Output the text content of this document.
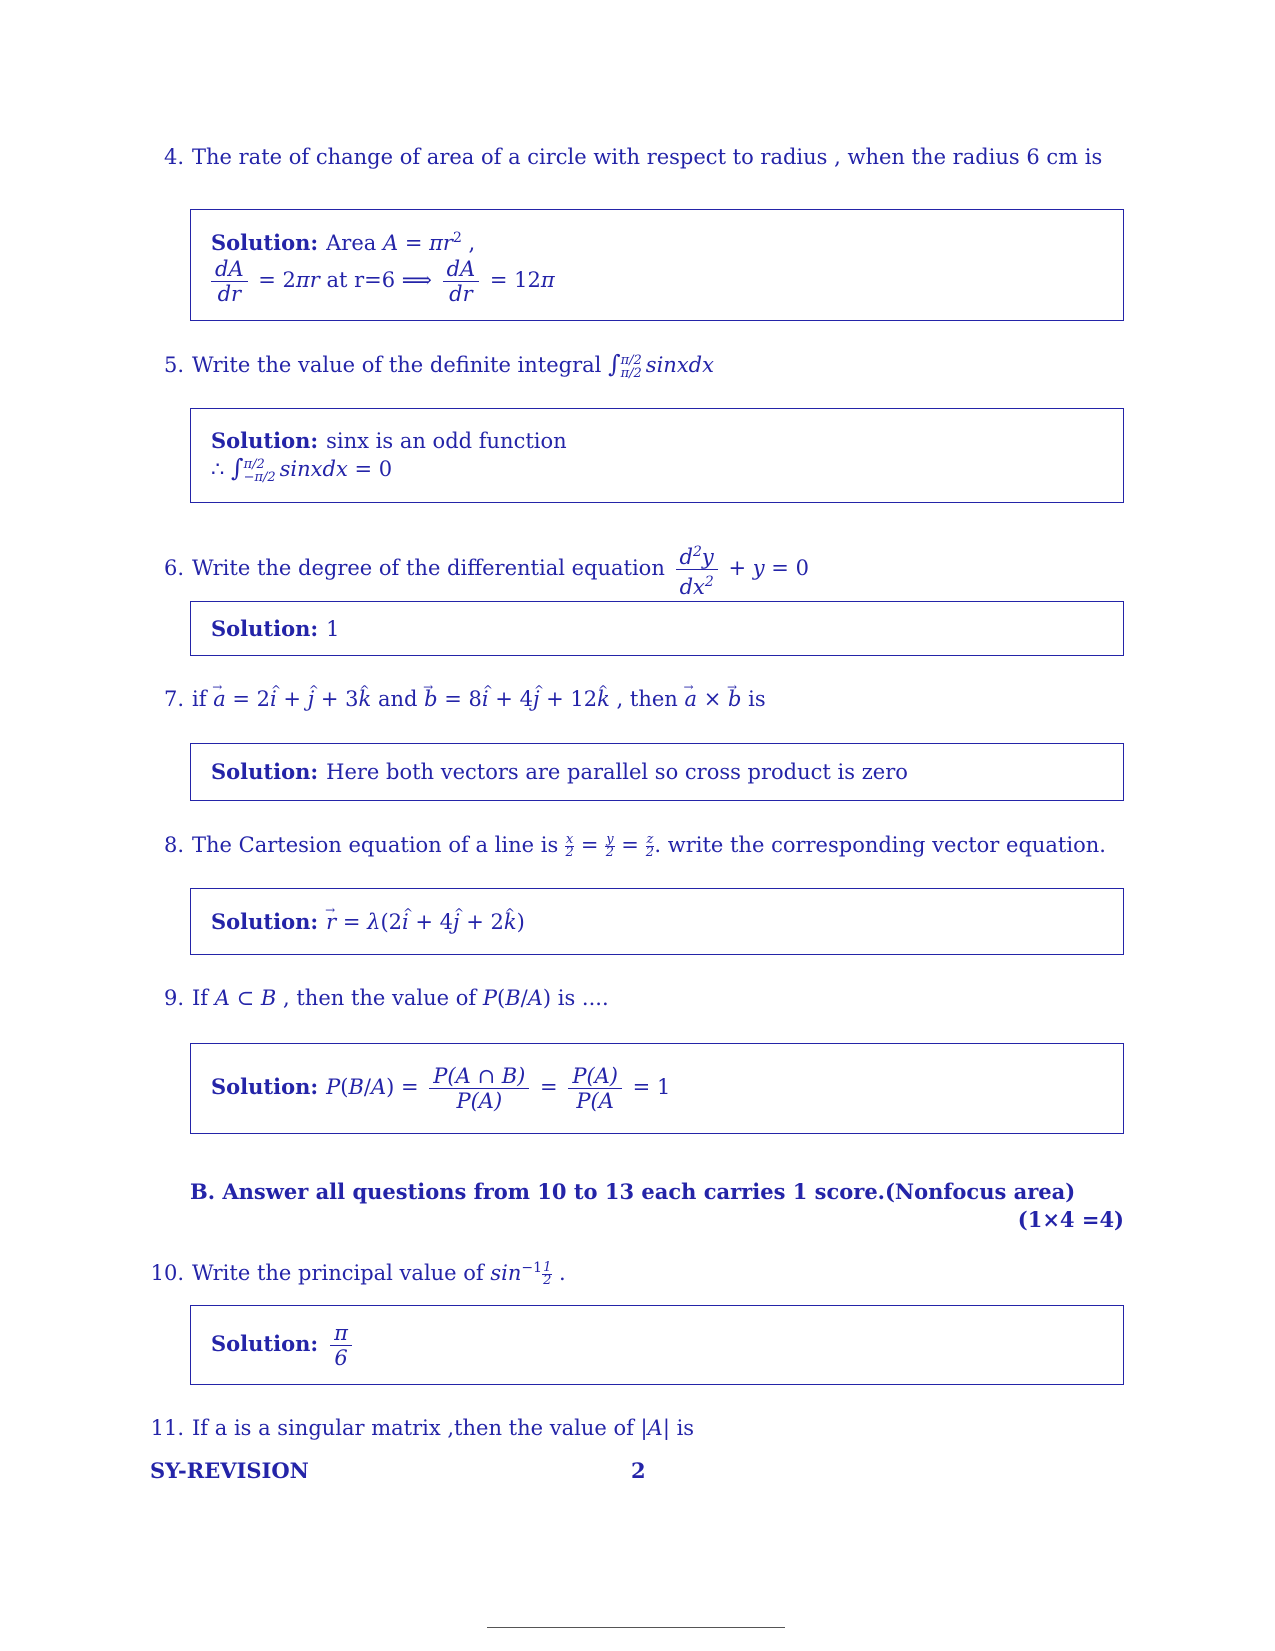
4. The rate of change of area of a circle with respect to radius , when the radius 6 cm is
Solution: Area $A = \pi r^2$ ,
$\frac{dA}{dr} = 2\pi r$ at r=6 ⟹ $\frac{dA}{dr} = 12\pi$
5. Write the value of the definite integral ∫ π/2
π/2 sinxdx
Solution: sinx is an odd function
∴ ∫ π/2
−π/2 sinxdx = 0
6. Write the degree of the differential equation $\frac{d^2y}{dx^2} + y = 0$
Solution: 1
7. if a → = 2i ^ + j ^ + 3k ^ and b → = 8i ^ + 4j ^ + 12k ^ , then a → × b → is
Solution: Here both vectors are parallel so cross product is zero
8. The Cartesion equation of a line is $\frac{x}{2} = \frac{y}{2} = \frac{z}{2}$ . write the corresponding vector equation.
Solution: r → = λ(2i ^ + 4j ^ + 2k ^)
9. If A ⊂ B , then the value of P(B/A) is ....
Solution: $P(B/A) = \frac{P(A \cap B)}{P(A)} = \frac{P(A)}{P(A} = 1$
B. Answer all questions from 10 to 13 each carries 1 score.(Nonfocus area)
(1×4 =4)
10. Write the principal value of $\sin^{-1} \frac{1}{2}$ .
Solution: $\frac{\pi}{6}$
11. If a is a singular matrix ,then the value of |A| is
SY-REVISION	2
